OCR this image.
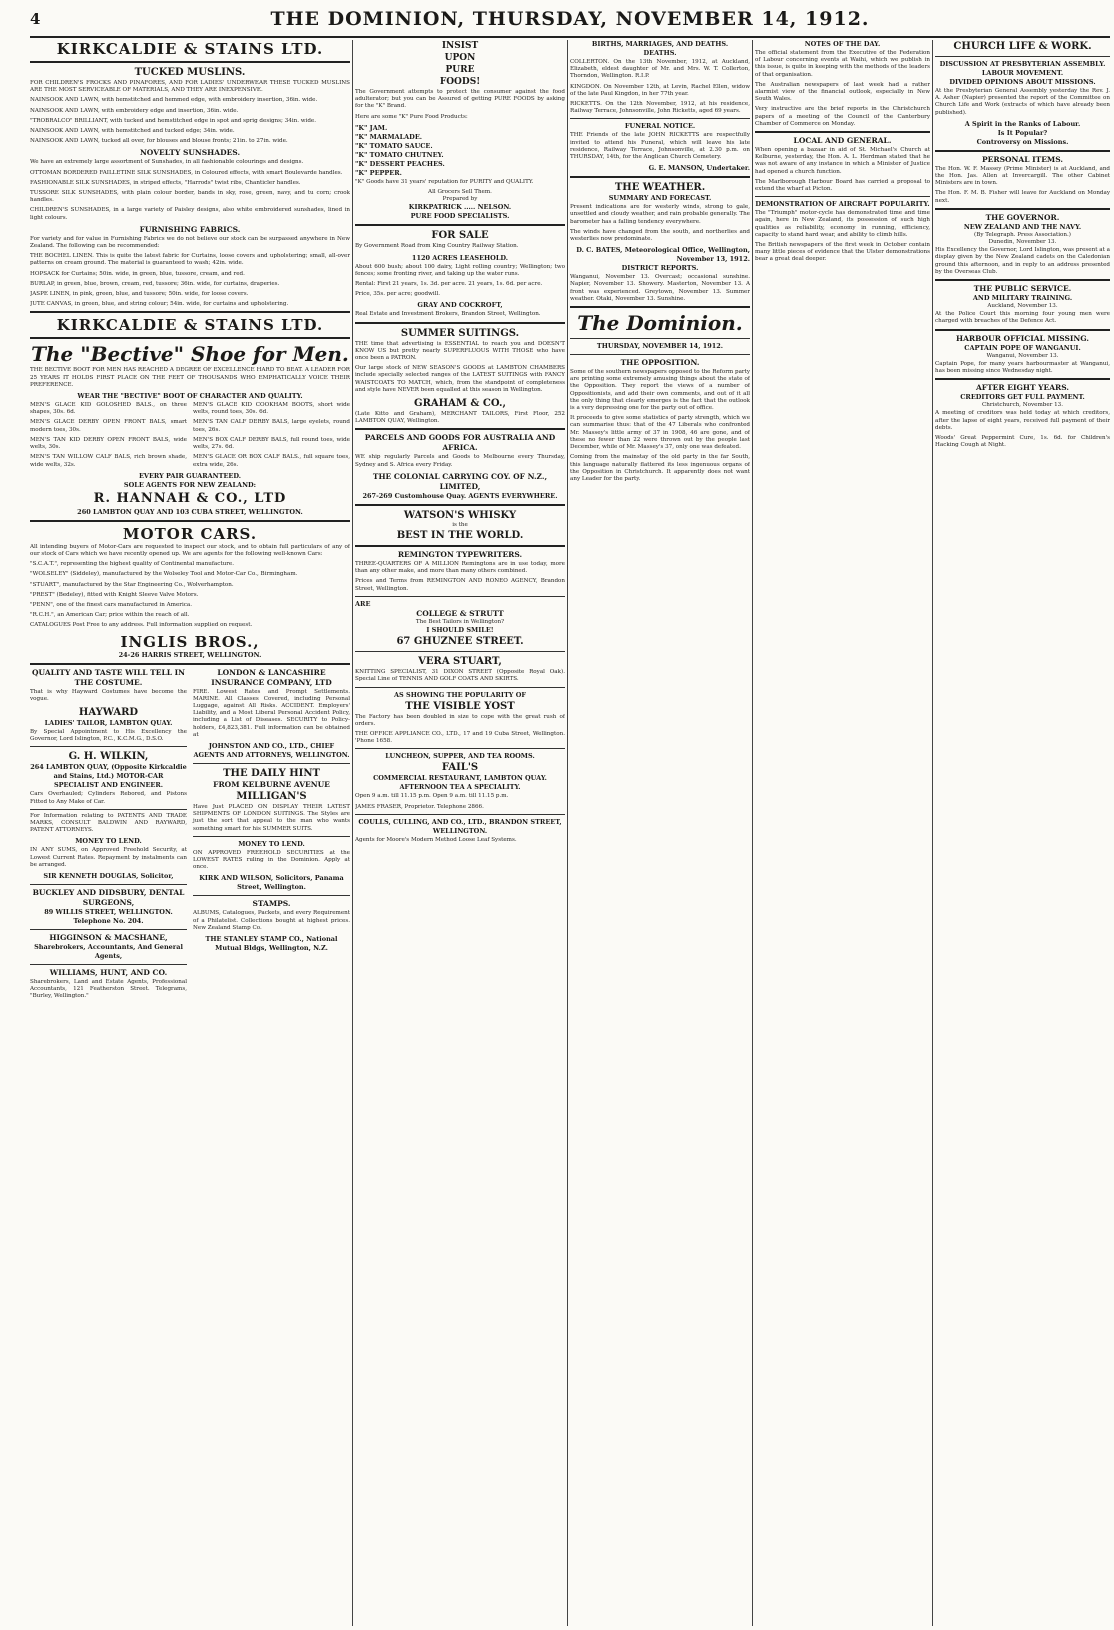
4	THE DOMINION, THURSDAY, NOVEMBER 14, 1912.
KIRKCALDIE & STAINS LTD.
TUCKED MUSLINS.

FOR CHILDREN'S FROCKS AND PINAFORES, AND FOR LADIES' UNDERWEAR THESE TUCKED MUSLINS ARE THE MOST SERVICEABLE OF MATERIALS, AND THEY ARE INEXPENSIVE.

NAINSOOK AND LAWN, with hemstitched and hemmed edge, with embroidery insertion, 36in. wide.

NAINSOOK AND LAWN, with embroidery edge and insertion, 36in. wide.

"TROBRALCO" BRILLIANT, with tucked and hemstitched edge in spot and sprig designs; 34in. wide.

NAINSOOK AND LAWN, with hemstitched and tucked edge; 34in. wide.

NAINSOOK AND LAWN, tucked all over, for blouses and blouse fronts; 21in. to 27in. wide.

NOVELTY SUNSHADES.

We have an extremely large assortment of Sunshades, in all fashionable colourings and designs.

OTTOMAN BORDERED FAILLETINE SILK SUNSHADES, in Coloured effects, with smart Boulevarde handles.

FASHIONABLE SILK SUNSHADES, in striped effects, "Harrods" twist ribs, Chanticler handles.

TUSSORE SILK SUNSHADES, with plain colour border, bands in sky, rose, green, navy, and tu corn; crook handles.

CHILDREN'S SUNSHADES, in a large variety of Paisley designs, also white embroidered sunshades, lined in light colours.

FURNISHING FABRICS.

For variety and for value in Furnishing Fabrics we do not believe our stock can be surpassed anywhere in New Zealand. The following can be recommended:

THE BOCHEL LINEN. This is quite the latest fabric for Curtains, loose covers and upholstering; small, all-over patterns on cream ground. The material is guaranteed to wash; 42in. wide.

HOPSACK for Curtains; 50in. wide, in green, blue, tussore, cream, and red.

BURLAP, in green, blue, brown, cream, red, tussore; 36in. wide, for curtains, draperies.

JASPE LINEN, in pink, green, blue, and tussore; 50in. wide, for loose covers.

JUTE CANVAS, in green, blue, and string colour; 54in. wide, for curtains and upholstering.

KIRKCALDIE & STAINS LTD.
The "Bective" Shoe for Men.

THE BECTIVE BOOT FOR MEN HAS REACHED A DEGREE OF EXCELLENCE HARD TO BEAT. A LEADER FOR 25 YEARS IT HOLDS FIRST PLACE ON THE FEET OF THOUSANDS WHO EMPHATICALLY VOICE THEIR PREFERENCE.

WEAR THE "BECTIVE" BOOT OF CHARACTER AND QUALITY.

MEN'S GLACE KID GOLOSHED BALS., on three shapes, 30s. 6d.

MEN'S GLACE DERBY OPEN FRONT BALS, smart modern toes, 30s.

MEN'S TAN KID DERBY OPEN FRONT BALS, wide welts, 30s.

MEN'S TAN WILLOW CALF BALS, rich brown shade, wide welts, 32s.

MEN'S GLACE KID COOKHAM BOOTS, short wide welts, round toes, 30s. 6d.

MEN'S TAN CALF DERBY BALS, large eyelets, round toes, 26s.

MEN'S BOX CALF DERBY BALS, full round toes, wide welts, 27s. 6d.

MEN'S GLACE OR BOX CALF BALS., full square toes, extra wide, 26s.

EVERY PAIR GUARANTEED.
SOLE AGENTS FOR NEW ZEALAND:
R. HANNAH & CO., LTD
260 LAMBTON QUAY AND 103 CUBA STREET, WELLINGTON.
MOTOR CARS.

All intending buyers of Motor-Cars are requested to inspect our stock, and to obtain full particulars of any of our stock of Cars which we have recently opened up. We are agents for the following well-known Cars:

"S.C.A.T.", representing the highest quality of Continental manufacture.

"WOLSELEY" (Siddeley), manufactured by the Wolseley Tool and Motor-Car Co., Birmingham.

"STUART", manufactured by the Star Engineering Co., Wolverhampton.

"PREST" (Bedeley), fitted with Knight Sleeve Valve Motors.

"PENN", one of the finest cars manufactured in America.

"R.C.H.", an American Car; price within the reach of all.

CATALOGUES Post Free to any address. Full information supplied on request.

INGLIS BROS.,
24-26 HARRIS STREET, WELLINGTON.
QUALITY AND TASTE WILL TELL IN THE COSTUME.

That is why Hayward Costumes have become the vogue.

HAYWARD
LADIES' TAILOR, LAMBTON QUAY.

By Special Appointment to His Excellency the Governor, Lord Islington, P.C., K.C.M.G., D.S.O.

G. H. WILKIN,
264 LAMBTON QUAY, (Opposite Kirkcaldie and Stains, Ltd.) MOTOR-CAR SPECIALIST AND ENGINEER.

Cars Overhauled; Cylinders Rebored, and Pistons Fitted to Any Make of Car.

For Information relating to PATENTS AND TRADE MARKS, CONSULT BALDWIN AND RAYWARD, PATENT ATTORNEYS.

MONEY TO LEND.

IN ANY SUMS, on Approved Freehold Security, at Lowest Current Rates. Repayment by instalments can be arranged.

SIR KENNETH DOUGLAS, Solicitor,
BUCKLEY AND DIDSBURY, DENTAL SURGEONS,
89 WILLIS STREET, WELLINGTON. Telephone No. 204.
HIGGINSON & MACSHANE,
Sharebrokers, Accountants, And General Agents,
WILLIAMS, HUNT, AND CO.

Sharebrokers, Land and Estate Agents, Professional Accountants, 121 Featherston Street. Telegrams, "Burley, Wellington."

LONDON & LANCASHIRE INSURANCE COMPANY, LTD

FIRE. Lowest Rates and Prompt Settlements. MARINE. All Classes Covered, including Personal Luggage, against All Risks. ACCIDENT. Employers' Liability, and a Most Liberal Personal Accident Policy, including a List of Diseases. SECURITY to Policy-holders, £4,823,381. Full information can be obtained at

JOHNSTON AND CO., LTD., CHIEF AGENTS AND ATTORNEYS, WELLINGTON.
THE DAILY HINT
FROM KELBURNE AVENUE
MILLIGAN'S

Have Just PLACED ON DISPLAY THEIR LATEST SHIPMENTS OF LONDON SUITINGS. The Styles are just the sort that appeal to the man who wants something smart for his SUMMER SUITS.

MONEY TO LEND.

ON APPROVED FREEHOLD SECURITIES at the LOWEST RATES ruling in the Dominion. Apply at once.

KIRK AND WILSON, Solicitors, Panama Street, Wellington.
STAMPS.

ALBUMS, Catalogues, Packets, and every Requirement of a Philatelist. Collections bought at highest prices. New Zealand Stamp Co.

THE STANLEY STAMP CO., National Mutual Bldgs, Wellington, N.Z.
INSIST
UPON
PURE
FOODS!

The Government attempts to protect the consumer against the food adulterator; but you can be Assured of getting PURE FOODS by asking for the "K" Brand.

Here are some "K" Pure Food Products:

"K" JAM.
"K" MARMALADE.
"K" TOMATO SAUCE.
"K" TOMATO CHUTNEY.
"K" DESSERT PEACHES.
"K" PEPPER.

"K" Goods have 31 years' reputation for PURITY and QUALITY.

All Grocers Sell Them.
Prepared by
KIRKPATRICK ..... NELSON.
PURE FOOD SPECIALISTS.
FOR SALE

By Government Road from King Country Railway Station.

1120 ACRES LEASEHOLD.

About 600 bush; about 100 dairy, Light rolling country; Wellington; two fences; some fronting river, and taking up the water runs.

Rental: First 21 years, 1s. 3d. per acre. 21 years, 1s. 6d. per acre.

Price, 35s. per acre; goodwill.

GRAY AND COCKROFT,

Real Estate and Investment Brokers, Brandon Street, Wellington.

SUMMER SUITINGS.

THE time that advertising is ESSENTIAL to reach you and DOESN'T KNOW US but pretty nearly SUPERFLUOUS WITH THOSE who have once been a PATRON.

Our large stock of NEW SEASON'S GOODS at LAMBTON CHAMBERS include specially selected ranges of the LATEST SUITINGS with FANCY WAISTCOATS TO MATCH, which, from the standpoint of completeness and style have NEVER been equalled at this season in Wellington.

GRAHAM & CO.,

(Late Kitto and Graham), MERCHANT TAILORS, First Floor, 252 LAMBTON QUAY, Wellington.

PARCELS AND GOODS FOR AUSTRALIA AND AFRICA.

WE ship regularly Parcels and Goods to Melbourne every Thursday, Sydney and S. Africa every Friday.

THE COLONIAL CARRYING COY. OF N.Z., LIMITED,
267-269 Customhouse Quay. AGENTS EVERYWHERE.
WATSON'S WHISKY
is the
BEST IN THE WORLD.
REMINGTON TYPEWRITERS.

THREE-QUARTERS OF A MILLION Remingtons are in use today, more than any other make, and more than many others combined.

Prices and Terms from REMINGTON AND RONEO AGENCY, Brandon Street, Wellington.

ARE
COLLEGE & STRUTT
The Best Tailors in Wellington?
I SHOULD SMILE!
67 GHUZNEE STREET.
VERA STUART,

KNITTING SPECIALIST, 31 DIXON STREET (Opposite Royal Oak). Special Line of TENNIS AND GOLF COATS AND SKIRTS.

AS SHOWING THE POPULARITY OF
THE VISIBLE YOST

The Factory has been doubled in size to cope with the great rush of orders.

THE OFFICE APPLIANCE CO., LTD., 17 and 19 Cuba Street, Wellington. 'Phone 1658.

LUNCHEON, SUPPER, AND TEA ROOMS.
FAIL'S
COMMERCIAL RESTAURANT, LAMBTON QUAY.
AFTERNOON TEA A SPECIALITY.

Open 9 a.m. till 11.15 p.m. Open 9 a.m. till 11.15 p.m.

JAMES FRASER, Proprietor. Telephone 2866.

COULLS, CULLING, AND CO., LTD., BRANDON STREET, WELLINGTON.

Agents for Moore's Modern Method Loose Leaf Systems.

BIRTHS, MARRIAGES, AND DEATHS.
DEATHS.

COLLERTON. On the 13th November, 1912, at Auckland, Elizabeth, eldest daughter of Mr. and Mrs. W. T. Collerton, Thorndon, Wellington. R.I.P.

KINGDON. On November 12th, at Levin, Rachel Ellen, widow of the late Paul Kingdon, in her 77th year.

RICKETTS. On the 12th November, 1912, at his residence, Railway Terrace, Johnsonville, John Ricketts, aged 69 years.

FUNERAL NOTICE.

THE Friends of the late JOHN RICKETTS are respectfully invited to attend his Funeral, which will leave his late residence, Railway Terrace, Johnsonville, at 2.30 p.m. on THURSDAY, 14th, for the Anglican Church Cemetery.

G. E. MANSON, Undertaker.
THE WEATHER.
SUMMARY AND FORECAST.

Present indications are for westerly winds, strong to gale, unsettled and cloudy weather, and rain probable generally. The barometer has a falling tendency everywhere.

The winds have changed from the south, and northerlies and westerlies now predominate.

D. C. BATES, Meteorological Office, Wellington, November 13, 1912.
DISTRICT REPORTS.

Wanganui, November 13. Overcast; occasional sunshine. Napier, November 13. Showery. Masterton, November 13. A front was experienced. Greytown, November 13. Summer weather. Otaki, November 13. Sunshine.

The Dominion.
THURSDAY, NOVEMBER 14, 1912.
THE OPPOSITION.

Some of the southern newspapers opposed to the Reform party are printing some extremely amusing things about the state of the Opposition. They report the views of a number of Oppositionists, and add their own comments, and out of it all the only thing that clearly emerges is the fact that the outlook is a very depressing one for the party out of office.

It proceeds to give some statistics of party strength, which we can summarise thus: that of the 47 Liberals who confronted Mr. Massey's little army of 37 in 1908, 46 are gone, and of these no fewer than 22 were thrown out by the people last December, while of Mr. Massey's 37, only one was defeated.

Coming from the mainstay of the old party in the far South, this language naturally flattered its less ingenuous organs of the Opposition in Christchurch. It apparently does not want any Leader for the party.

NOTES OF THE DAY.

The official statement from the Executive of the Federation of Labour concerning events at Waihi, which we publish in this issue, is quite in keeping with the methods of the leaders of that organisation.

The Australian newspapers of last week had a rather alarmist view of the financial outlook, especially in New South Wales.

Very instructive are the brief reports in the Christchurch papers of a meeting of the Council of the Canterbury Chamber of Commerce on Monday.

LOCAL AND GENERAL.

When opening a bazaar in aid of St. Michael's Church at Kelburne, yesterday, the Hon. A. L. Herdman stated that he was not aware of any instance in which a Minister of Justice had opened a church function.

The Marlborough Harbour Board has carried a proposal to extend the wharf at Picton.

DEMONSTRATION OF AIRCRAFT POPULARITY.

The "Triumph" motor-cycle has demonstrated time and time again, here in New Zealand, its possession of such high qualities as reliability, economy in running, efficiency, capacity to stand hard wear, and ability to climb hills.

The British newspapers of the first week in October contain many little pieces of evidence that the Ulster demonstrations bear a great deal deeper.

CHURCH LIFE & WORK.
DISCUSSION AT PRESBYTERIAN ASSEMBLY.
LABOUR MOVEMENT.
DIVIDED OPINIONS ABOUT MISSIONS.

At the Presbyterian General Assembly yesterday the Rev. J. A. Asher (Napier) presented the report of the Committee on Church Life and Work (extracts of which have already been published).

A Spirit in the Ranks of Labour.
Is It Popular?
Controversy on Missions.
PERSONAL ITEMS.

The Hon. W. F. Massey (Prime Minister) is at Auckland, and the Hon. Jas. Allen at Invercargill. The other Cabinet Ministers are in town.

The Hon. F. M. B. Fisher will leave for Auckland on Monday next.

THE GOVERNOR.
NEW ZEALAND AND THE NAVY.
(By Telegraph. Press Association.)
Dunedin, November 13.

His Excellency the Governor, Lord Islington, was present at a display given by the New Zealand cadets on the Caledonian ground this afternoon, and in reply to an address presented by the Overseas Club.

THE PUBLIC SERVICE.
AND MILITARY TRAINING.
Auckland, November 13.

At the Police Court this morning four young men were charged with breaches of the Defence Act.

HARBOUR OFFICIAL MISSING.
CAPTAIN POPE OF WANGANUI.
Wanganui, November 13.

Captain Pope, for many years harbourmaster at Wanganui, has been missing since Wednesday night.

AFTER EIGHT YEARS.
CREDITORS GET FULL PAYMENT.
Christchurch, November 13.

A meeting of creditors was held today at which creditors, after the lapse of eight years, received full payment of their debts.

Woods' Great Peppermint Cure, 1s. 6d. for Children's Hacking Cough at Night.
